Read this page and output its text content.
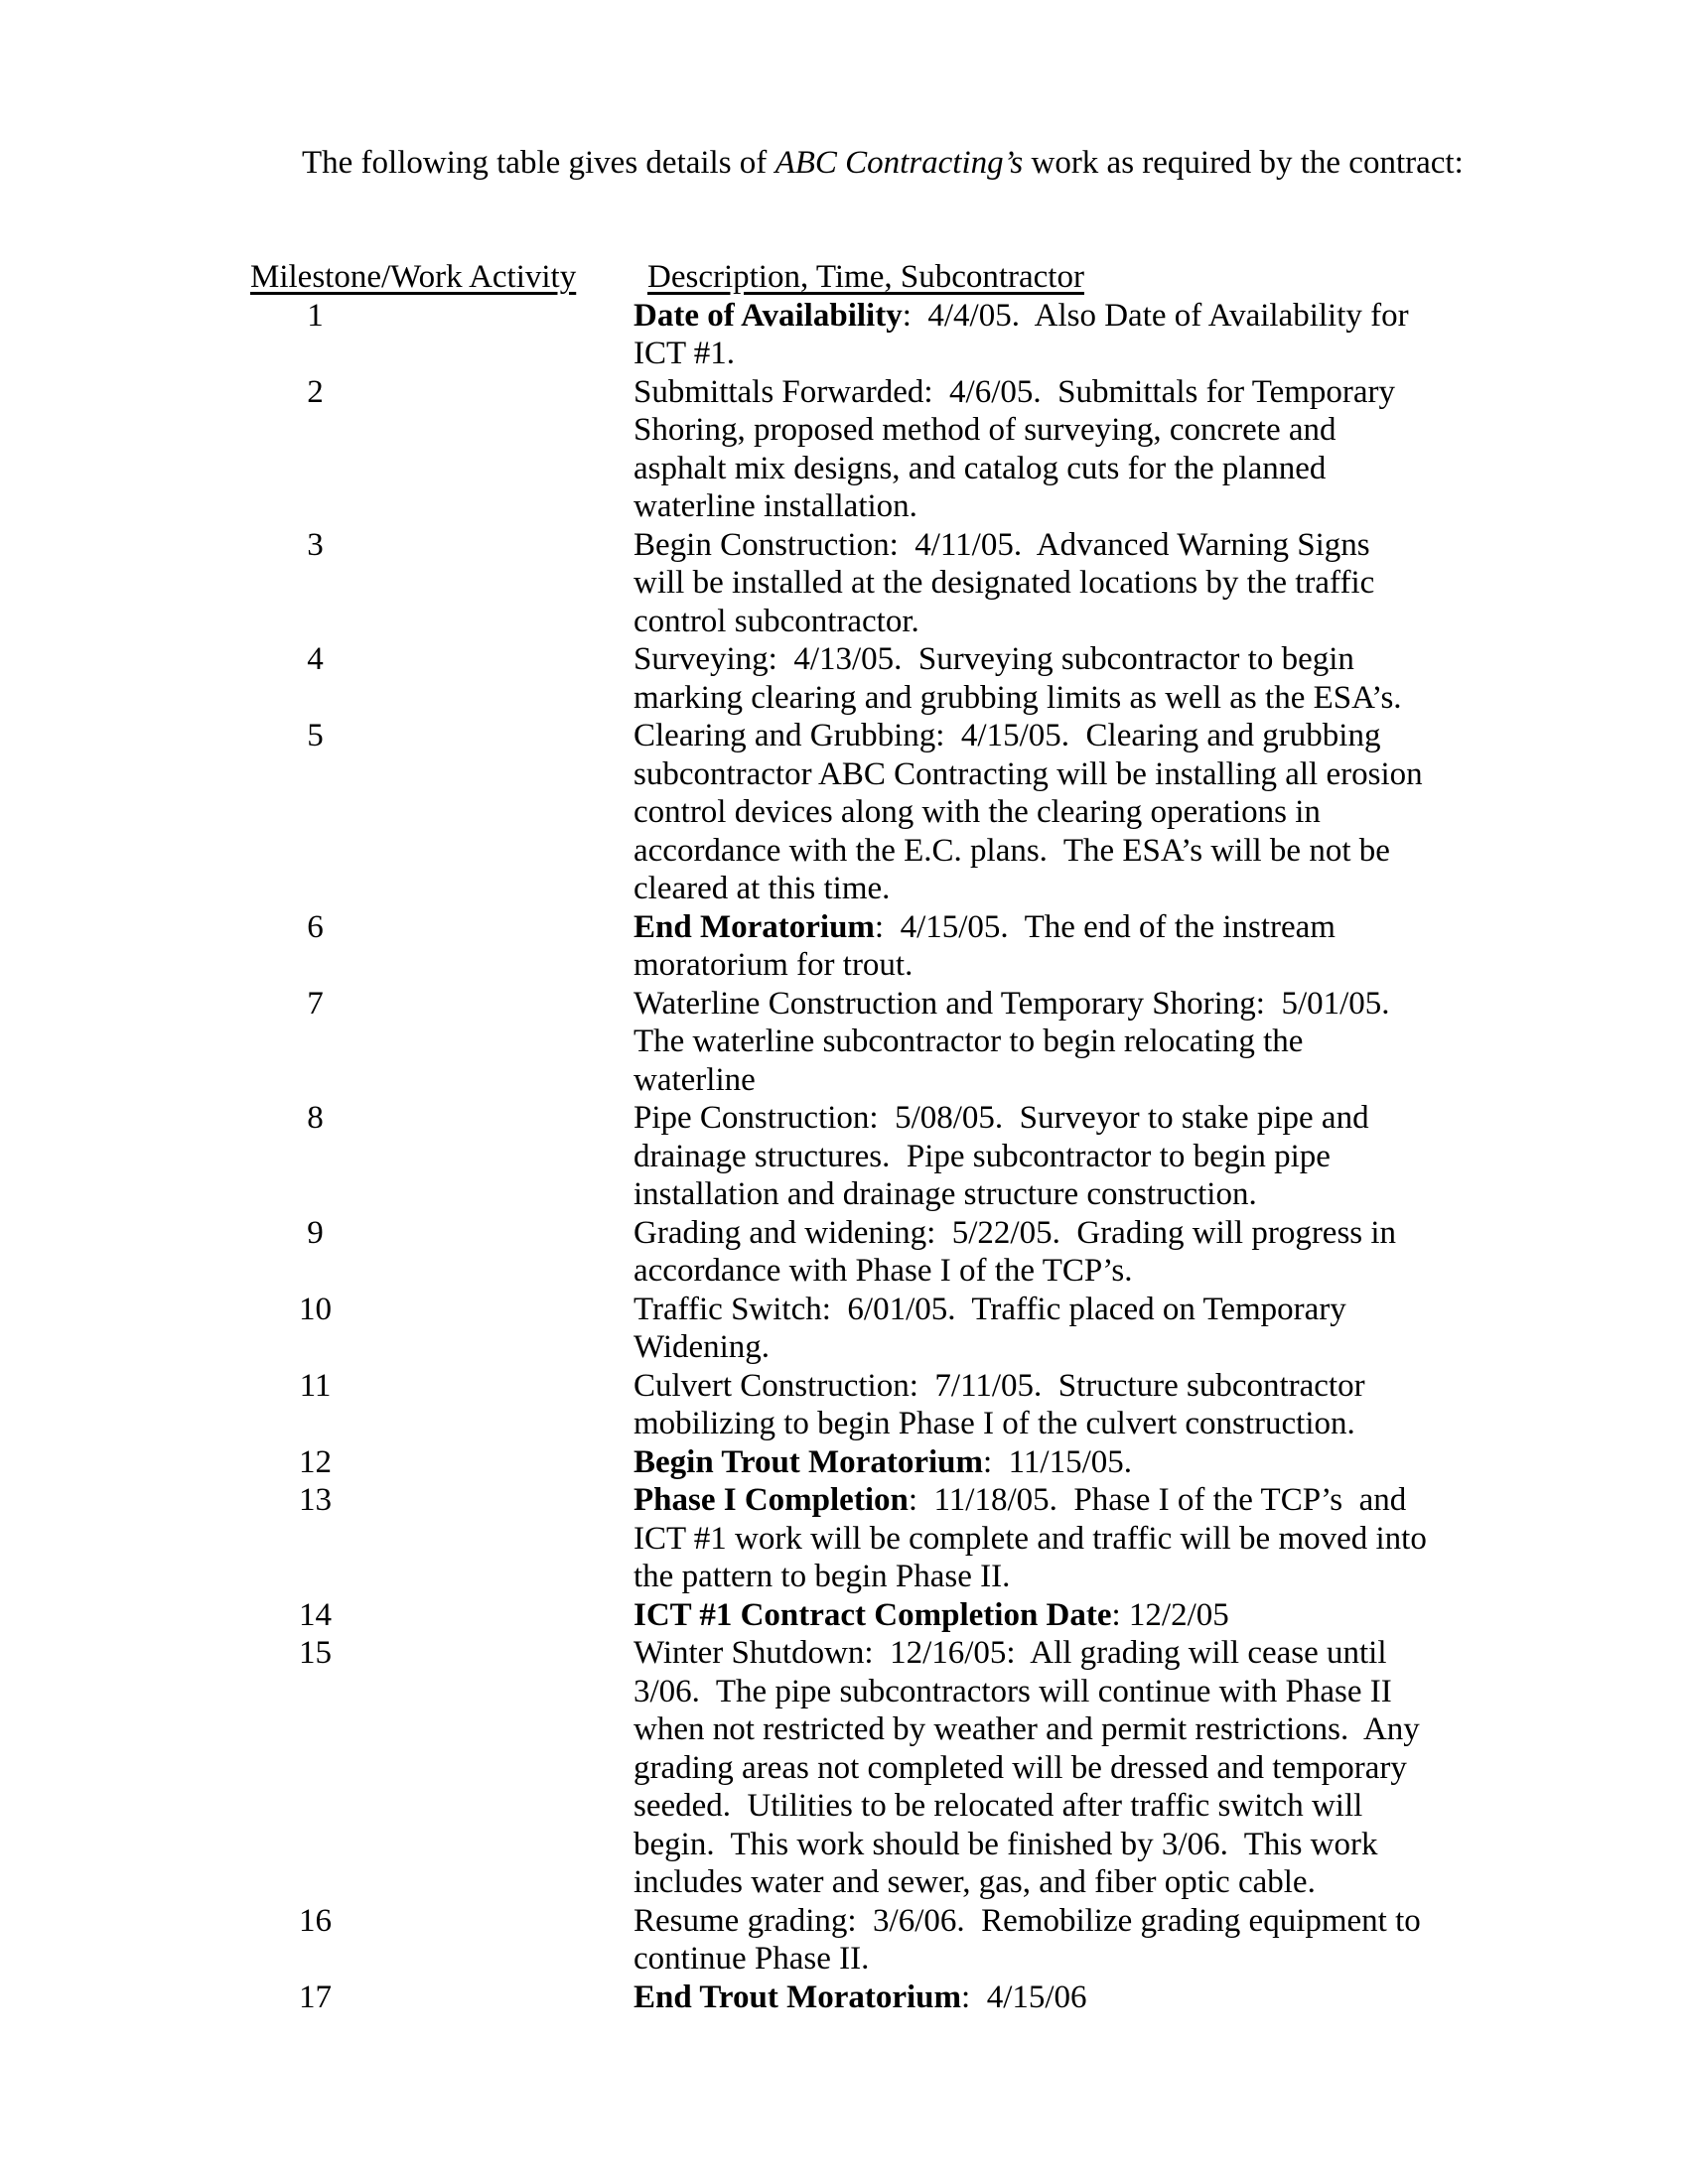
The following table gives details of ABC Contracting’s work as required by the contract:

Milestone/Work Activity	Description, Time, Subcontractor
1	Date of Availability:  4/4/05.  Also Date of Availability for
ICT #1.
2	Submittals Forwarded:  4/6/05.  Submittals for Temporary
Shoring, proposed method of surveying, concrete and
asphalt mix designs, and catalog cuts for the planned
waterline installation.
3	Begin Construction:  4/11/05.  Advanced Warning Signs
will be installed at the designated locations by the traffic
control subcontractor.
4	Surveying:  4/13/05.  Surveying subcontractor to begin
marking clearing and grubbing limits as well as the ESA’s.
5	Clearing and Grubbing:  4/15/05.  Clearing and grubbing
subcontractor ABC Contracting will be installing all erosion
control devices along with the clearing operations in
accordance with the E.C. plans.  The ESA’s will be not be
cleared at this time.
6	End Moratorium:  4/15/05.  The end of the instream
moratorium for trout.
7	Waterline Construction and Temporary Shoring:  5/01/05.
The waterline subcontractor to begin relocating the
waterline
8	Pipe Construction:  5/08/05.  Surveyor to stake pipe and
drainage structures.  Pipe subcontractor to begin pipe
installation and drainage structure construction.
9	Grading and widening:  5/22/05.  Grading will progress in
accordance with Phase I of the TCP’s.
10	Traffic Switch:  6/01/05.  Traffic placed on Temporary
Widening.
11	Culvert Construction:  7/11/05.  Structure subcontractor
mobilizing to begin Phase I of the culvert construction.
12	Begin Trout Moratorium:  11/15/05.
13	Phase I Completion:  11/18/05.  Phase I of the TCP’s  and
ICT #1 work will be complete and traffic will be moved into
the pattern to begin Phase II.
14	ICT #1 Contract Completion Date: 12/2/05
15	Winter Shutdown:  12/16/05:  All grading will cease until
3/06.  The pipe subcontractors will continue with Phase II
when not restricted by weather and permit restrictions.  Any
grading areas not completed will be dressed and temporary
seeded.  Utilities to be relocated after traffic switch will
begin.  This work should be finished by 3/06.  This work
includes water and sewer, gas, and fiber optic cable.
16	Resume grading:  3/6/06.  Remobilize grading equipment to
continue Phase II.
17	End Trout Moratorium:  4/15/06
